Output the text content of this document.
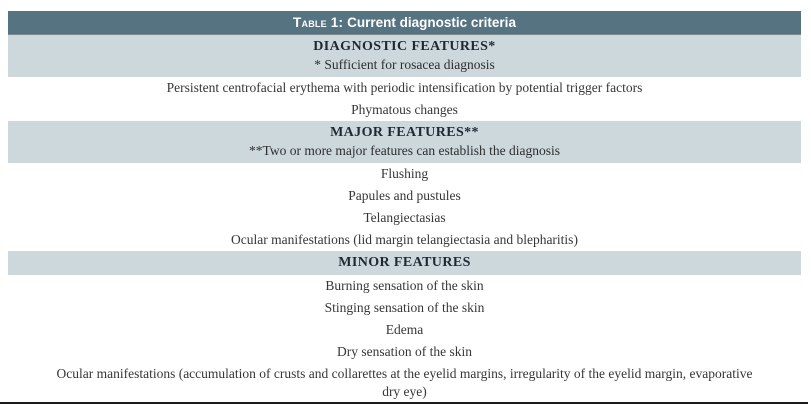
Table 1: Current diagnostic criteria
DIAGNOSTIC FEATURES*
* Sufficient for rosacea diagnosis
Persistent centrofacial erythema with periodic intensification by potential trigger factors
Phymatous changes
MAJOR FEATURES**
**Two or more major features can establish the diagnosis
Flushing
Papules and pustules
Telangiectasias
Ocular manifestations (lid margin telangiectasia and blepharitis)
MINOR FEATURES
Burning sensation of the skin
Stinging sensation of the skin
Edema
Dry sensation of the skin
Ocular manifestations (accumulation of crusts and collarettes at the eyelid margins, irregularity of the eyelid margin, evaporative dry eye)
